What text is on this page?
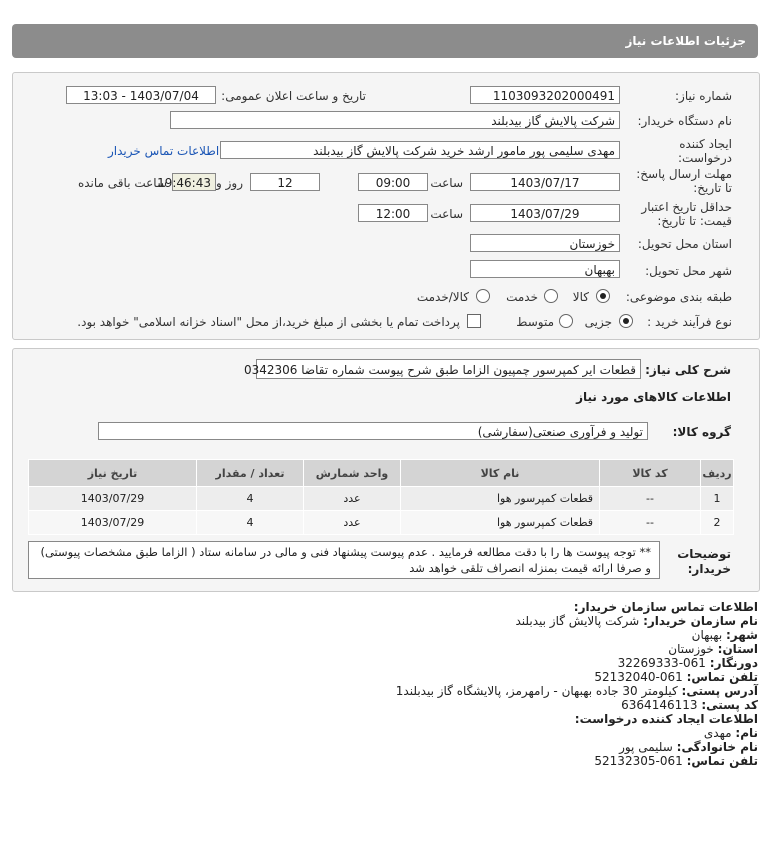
جزئیات اطلاعات نیاز
شماره نیاز:
1103093202000491
تاریخ و ساعت اعلان عمومی:
1403/07/04 - 13:03
نام دستگاه خریدار:
شرکت پالایش گاز بیدبلند
ایجاد کننده
درخواست:
مهدی سلیمی پور مامور ارشد خرید شرکت پالایش گاز بیدبلند
اطلاعات تماس خریدار
مهلت ارسال پاسخ:
تا تاریخ:
1403/07/17
ساعت
09:00
12
روز و
19:46:43
ساعت باقی مانده
حداقل تاریخ اعتبار
قیمت: تا تاریخ:
1403/07/29
ساعت
12:00
استان محل تحویل:
خوزستان
شهر محل تحویل:
بهبهان
طبقه بندی موضوعی:
کالا
خدمت
کالا/خدمت
نوع فرآیند خرید :
جزیی
متوسط
پرداخت تمام یا بخشی از مبلغ خرید،از محل "اسناد خزانه اسلامی" خواهد بود.
شرح کلی نیاز:
قطعات ایر کمپرسور چمپیون الزاما طبق شرح پیوست شماره تقاضا 0342306
اطلاعات کالاهای مورد نیاز
گروه کالا:
تولید و فرآوری صنعتی(سفارشی)
ردیف	کد کالا	نام کالا	واحد شمارش	تعداد / مقدار	تاریخ نیاز
1	--	قطعات کمپرسور هوا	عدد	4	1403/07/29
2	--	قطعات کمپرسور هوا	عدد	4	1403/07/29
توضیحات
خریدار:
** توجه پیوست ها را با دقت مطالعه فرمایید . عدم پیوست پیشنهاد فنی و مالی در سامانه ستاد ( الزاما طبق مشخصات پیوستی) و صرفا ارائه قیمت بمنزله انصراف تلقی خواهد شد
اطلاعات تماس سازمان خریدار:
نام سازمان خریدار: شرکت پالایش گاز بیدبلند
شهر: بهبهان
استان: خوزستان
دورنگار: 061-32269333
تلفن تماس: 061-52132040
آدرس پستی: کیلومتر 30 جاده بهبهان - رامهرمز، پالایشگاه گاز بیدبلند1
کد پستی: 6364146113
اطلاعات ایجاد کننده درخواست:
نام: مهدی
نام خانوادگی: سلیمی پور
تلفن تماس: 061-52132305
